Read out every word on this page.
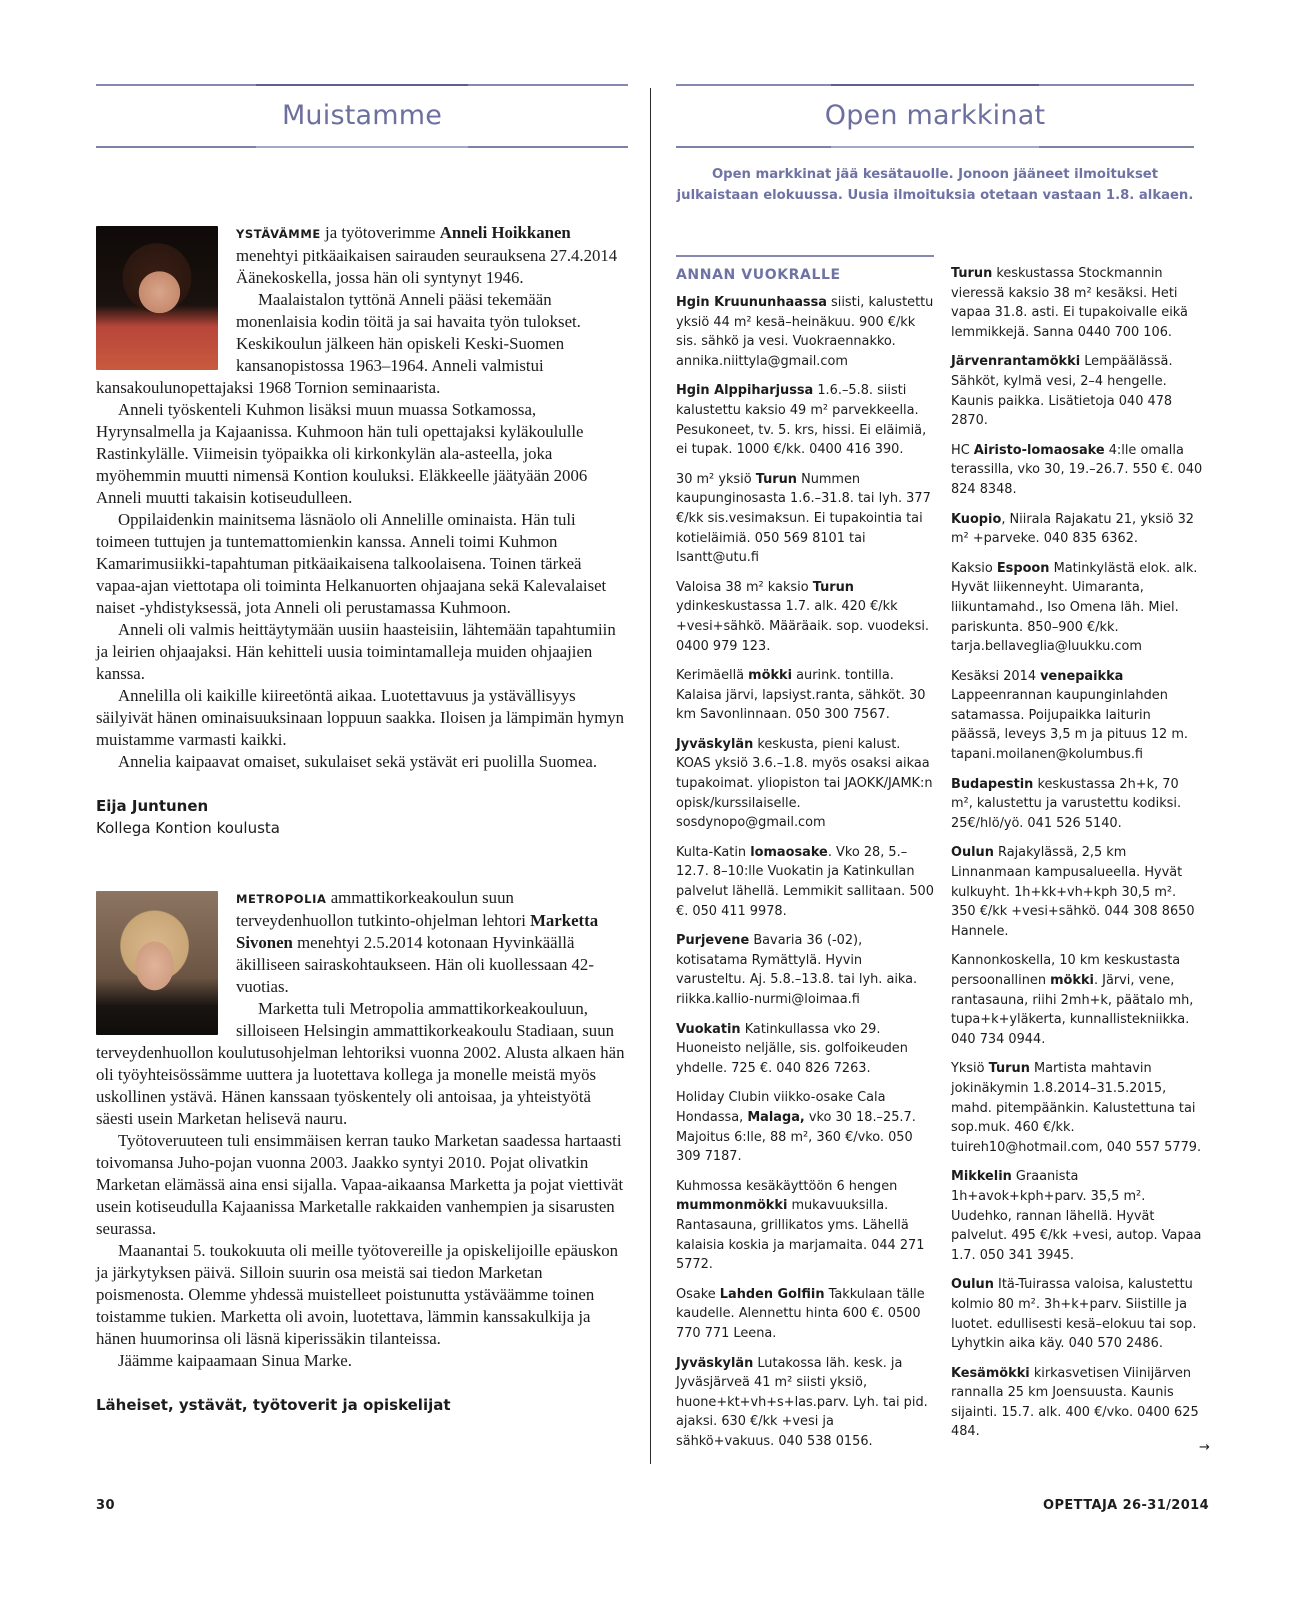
Muistamme

YSTÄVÄMME ja työtoverimme Anneli Hoikkanen menehtyi pitkäaikaisen sairauden seurauksena 27.4.2014 Äänekoskella, jossa hän oli syntynyt 1946.

Maalaistalon tyttönä Anneli pääsi tekemään monenlaisia kodin töitä ja sai havaita työn tulokset. Keskikoulun jälkeen hän opiskeli Keski-Suomen kansanopistossa 1963–1964. Anneli valmistui kansakoulunopettajaksi 1968 Tornion seminaarista.

Anneli työskenteli Kuhmon lisäksi muun muassa Sotkamossa, Hyrynsalmella ja Kajaanissa. Kuhmoon hän tuli opettajaksi kyläkoululle Rastinkylälle. Viimeisin työpaikka oli kirkonkylän ala-asteella, joka myöhemmin muutti nimensä Kontion kouluksi. Eläkkeelle jäätyään 2006 Anneli muutti takaisin kotiseudulleen.

Oppilaidenkin mainitsema läsnäolo oli Annelille ominaista. Hän tuli toimeen tuttujen ja tuntemattomienkin kanssa. Anneli toimi Kuhmon Kamarimusiikki-tapahtuman pitkäaikaisena talkoolaisena. Toinen tärkeä vapaa-ajan viettotapa oli toiminta Helkanuorten ohjaajana sekä Kalevalaiset naiset -yhdistyksessä, jota Anneli oli perustamassa Kuhmoon.

Anneli oli valmis heittäytymään uusiin haasteisiin, lähtemään tapahtumiin ja leirien ohjaajaksi. Hän kehitteli uusia toimintamalleja muiden ohjaajien kanssa.

Annelilla oli kaikille kiireetöntä aikaa. Luotettavuus ja ystävällisyys säilyivät hänen ominaisuuksinaan loppuun saakka. Iloisen ja lämpimän hymyn muistamme varmasti kaikki.

Annelia kaipaavat omaiset, sukulaiset sekä ystävät eri puolilla Suomea.

Eija Juntunen
Kollega Kontion koulusta

METROPOLIA ammattikorkeakoulun suun terveydenhuollon tutkinto-ohjelman lehtori Marketta Sivonen menehtyi 2.5.2014 kotonaan Hyvinkäällä äkilliseen sairaskohtaukseen. Hän oli kuollessaan 42-vuotias.

Marketta tuli Metropolia ammattikorkeakouluun, silloiseen Helsingin ammattikorkeakoulu Stadiaan, suun terveydenhuollon koulutusohjelman lehtoriksi vuonna 2002. Alusta alkaen hän oli työyhteisössämme uuttera ja luotettava kollega ja monelle meistä myös uskollinen ystävä. Hänen kanssaan työskentely oli antoisaa, ja yhteistyötä säesti usein Marketan helisevä nauru.

Työtoveruuteen tuli ensimmäisen kerran tauko Marketan saadessa hartaasti toivomansa Juho-pojan vuonna 2003. Jaakko syntyi 2010. Pojat olivatkin Marketan elämässä aina ensi sijalla. Vapaa-aikaansa Marketta ja pojat viettivät usein kotiseudulla Kajaanissa Marketalle rakkaiden vanhempien ja sisarusten seurassa.

Maanantai 5. toukokuuta oli meille työtovereille ja opiskelijoille epäuskon ja järkytyksen päivä. Silloin suurin osa meistä sai tiedon Marketan poismenosta. Olemme yhdessä muistelleet poistunutta ystäväämme toinen toistamme tukien. Marketta oli avoin, luotettava, lämmin kanssakulkija ja hänen huumorinsa oli läsnä kiperissäkin tilanteissa.

Jäämme kaipaamaan Sinua Marke.

Läheiset, ystävät, työtoverit ja opiskelijat
Open markkinat
Open markkinat jää kesätauolle. Jonoon jääneet ilmoitukset julkaistaan elokuussa. Uusia ilmoituksia otetaan vastaan 1.8. alkaen.
ANNAN VUOKRALLE
Hgin Kruununhaassa siisti, kalustettu yksiö 44 m² kesä–heinäkuu. 900 €/kk sis. sähkö ja vesi. Vuokraennakko. annika.niittyla@gmail.com
Hgin Alppiharjussa 1.6.–5.8. siisti kalustettu kaksio 49 m² parvekkeella. Pesukoneet, tv. 5. krs, hissi. Ei eläimiä, ei tupak. 1000 €/kk. 0400 416 390.
30 m² yksiö Turun Nummen kaupunginosasta 1.6.–31.8. tai lyh. 377 €/kk sis.vesimaksun. Ei tupakointia tai kotieläimiä. 050 569 8101 tai lsantt@utu.fi
Valoisa 38 m² kaksio Turun ydinkeskustassa 1.7. alk. 420 €/kk +vesi+sähkö. Määräaik. sop. vuodeksi. 0400 979 123.
Kerimäellä mökki aurink. tontilla. Kalaisa järvi, lapsiyst.ranta, sähköt. 30 km Savonlinnaan. 050 300 7567.
Jyväskylän keskusta, pieni kalust. KOAS yksiö 3.6.–1.8. myös osaksi aikaa tupakoimat. yliopiston tai JAOKK/JAMK:n opisk/kurssilaiselle. sosdynopo@gmail.com
Kulta-Katin lomaosake. Vko 28, 5.–12.7. 8–10:lle Vuokatin ja Katinkullan palvelut lähellä. Lemmikit sallitaan. 500 €. 050 411 9978.
Purjevene Bavaria 36 (-02), kotisatama Rymättylä. Hyvin varusteltu. Aj. 5.8.–13.8. tai lyh. aika. riikka.kallio-nurmi@loimaa.fi
Vuokatin Katinkullassa vko 29. Huoneisto neljälle, sis. golfoikeuden yhdelle. 725 €. 040 826 7263.
Holiday Clubin viikko-osake Cala Hondassa, Malaga, vko 30 18.–25.7. Majoitus 6:lle, 88 m², 360 €/vko. 050 309 7187.
Kuhmossa kesäkäyttöön 6 hengen mummonmökki mukavuuksilla. Rantasauna, grillikatos yms. Lähellä kalaisia koskia ja marjamaita. 044 271 5772.
Osake Lahden Golfiin Takkulaan tälle kaudelle. Alennettu hinta 600 €. 0500 770 771 Leena.
Jyväskylän Lutakossa läh. kesk. ja Jyväsjärveä 41 m² siisti yksiö, huone+kt+vh+s+las.parv. Lyh. tai pid. ajaksi. 630 €/kk +vesi ja sähkö+vakuus. 040 538 0156.
Turun keskustassa Stockmannin vieressä kaksio 38 m² kesäksi. Heti vapaa 31.8. asti. Ei tupakoivalle eikä lemmikkejä. Sanna 0440 700 106.
Järvenrantamökki Lempäälässä. Sähköt, kylmä vesi, 2–4 hengelle. Kaunis paikka. Lisätietoja 040 478 2870.
HC Airisto-lomaosake 4:lle omalla terassilla, vko 30, 19.–26.7. 550 €. 040 824 8348.
Kuopio, Niirala Rajakatu 21, yksiö 32 m² +parveke. 040 835 6362.
Kaksio Espoon Matinkylästä elok. alk. Hyvät liikenneyht. Uimaranta, liikuntamahd., Iso Omena läh. Miel. pariskunta. 850–900 €/kk. tarja.bellaveglia@luukku.com
Kesäksi 2014 venepaikka Lappeenrannan kaupunginlahden satamassa. Poijupaikka laiturin päässä, leveys 3,5 m ja pituus 12 m. tapani.moilanen@kolumbus.fi
Budapestin keskustassa 2h+k, 70 m², kalustettu ja varustettu kodiksi. 25€/hlö/yö. 041 526 5140.
Oulun Rajakylässä, 2,5 km Linnanmaan kampusalueella. Hyvät kulkuyht. 1h+kk+vh+kph 30,5 m². 350 €/kk +vesi+sähkö. 044 308 8650 Hannele.
Kannonkoskella, 10 km keskustasta persoonallinen mökki. Järvi, vene, rantasauna, riihi 2mh+k, päätalo mh, tupa+k+yläkerta, kunnallistekniikka. 040 734 0944.
Yksiö Turun Martista mahtavin jokinäkymin 1.8.2014–31.5.2015, mahd. pitempäänkin. Kalustettuna tai sop.muk. 460 €/kk. tuireh10@hotmail.com, 040 557 5779.
Mikkelin Graanista 1h+avok+kph+parv. 35,5 m². Uudehko, rannan lähellä. Hyvät palvelut. 495 €/kk +vesi, autop. Vapaa 1.7. 050 341 3945.
Oulun Itä-Tuirassa valoisa, kalustettu kolmio 80 m². 3h+k+parv. Siistille ja luotet. edullisesti kesä–elokuu tai sop. Lyhytkin aika käy. 040 570 2486.
Kesämökki kirkasvetisen Viinijärven rannalla 25 km Joensuusta. Kaunis sijainti. 15.7. alk. 400 €/vko. 0400 625 484.
→
30	OPETTAJA 26-31/2014
